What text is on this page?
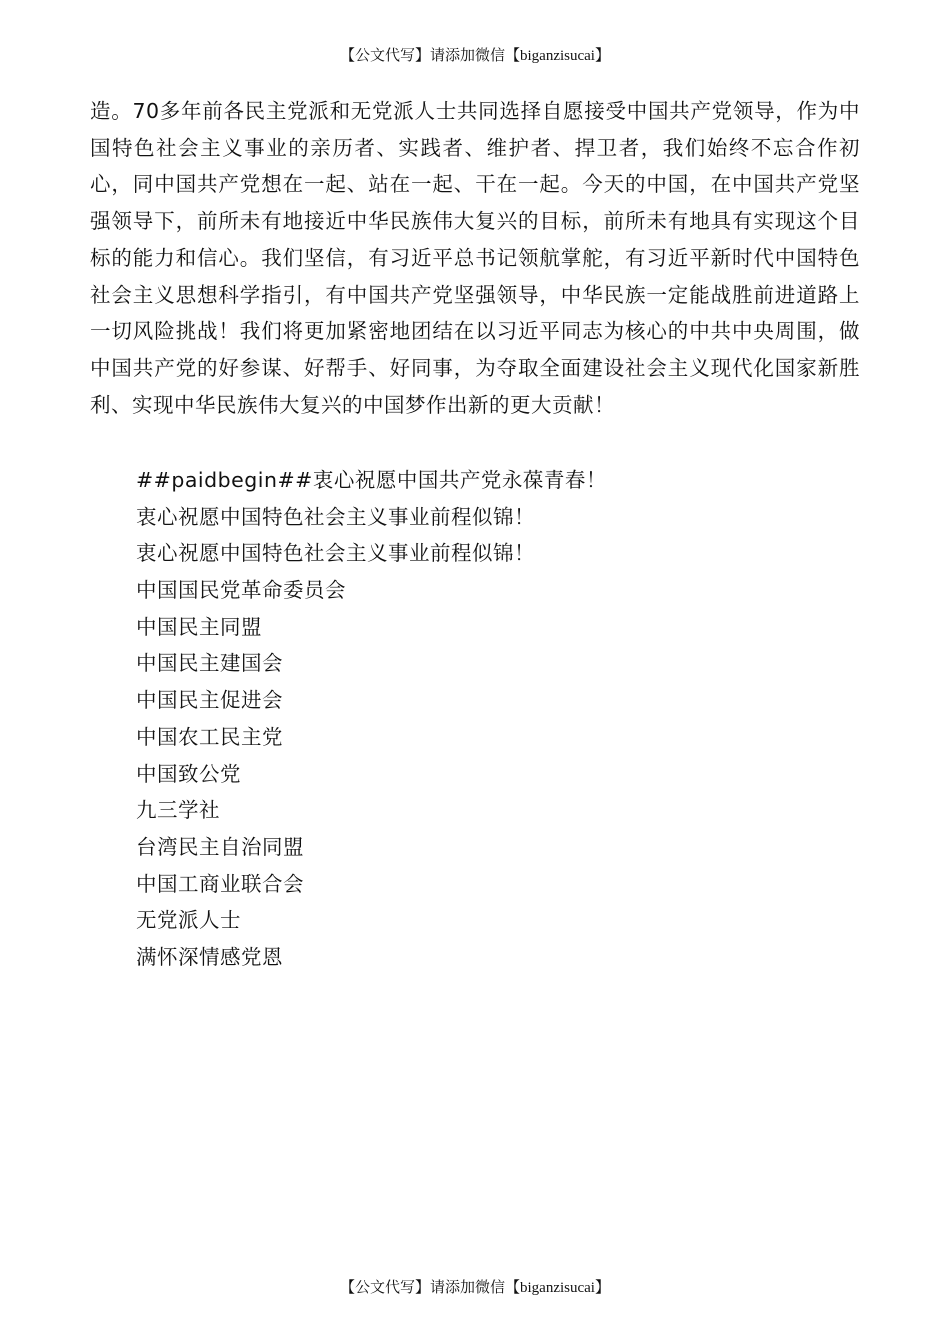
【公文代写】请添加微信【biganzisucai】

造。70多年前各民主党派和无党派人士共同选择自愿接受中国共产党领导，作为中国特色社会主义事业的亲历者、实践者、维护者、捍卫者，我们始终不忘合作初心，同中国共产党想在一起、站在一起、干在一起。今天的中国，在中国共产党坚强领导下，前所未有地接近中华民族伟大复兴的目标，前所未有地具有实现这个目标的能力和信心。我们坚信，有习近平总书记领航掌舵，有习近平新时代中国特色社会主义思想科学指引，有中国共产党坚强领导，中华民族一定能战胜前进道路上一切风险挑战！我们将更加紧密地团结在以习近平同志为核心的中共中央周围，做中国共产党的好参谋、好帮手、好同事，为夺取全面建设社会主义现代化国家新胜利、实现中华民族伟大复兴的中国梦作出新的更大贡献！

##paidbegin##衷心祝愿中国共产党永葆青春！
衷心祝愿中国特色社会主义事业前程似锦！
衷心祝愿中国特色社会主义事业前程似锦！
中国国民党革命委员会
中国民主同盟
中国民主建国会
中国民主促进会
中国农工民主党
中国致公党
九三学社
台湾民主自治同盟
中国工商业联合会
无党派人士
满怀深情感党恩
【公文代写】请添加微信【biganzisucai】
